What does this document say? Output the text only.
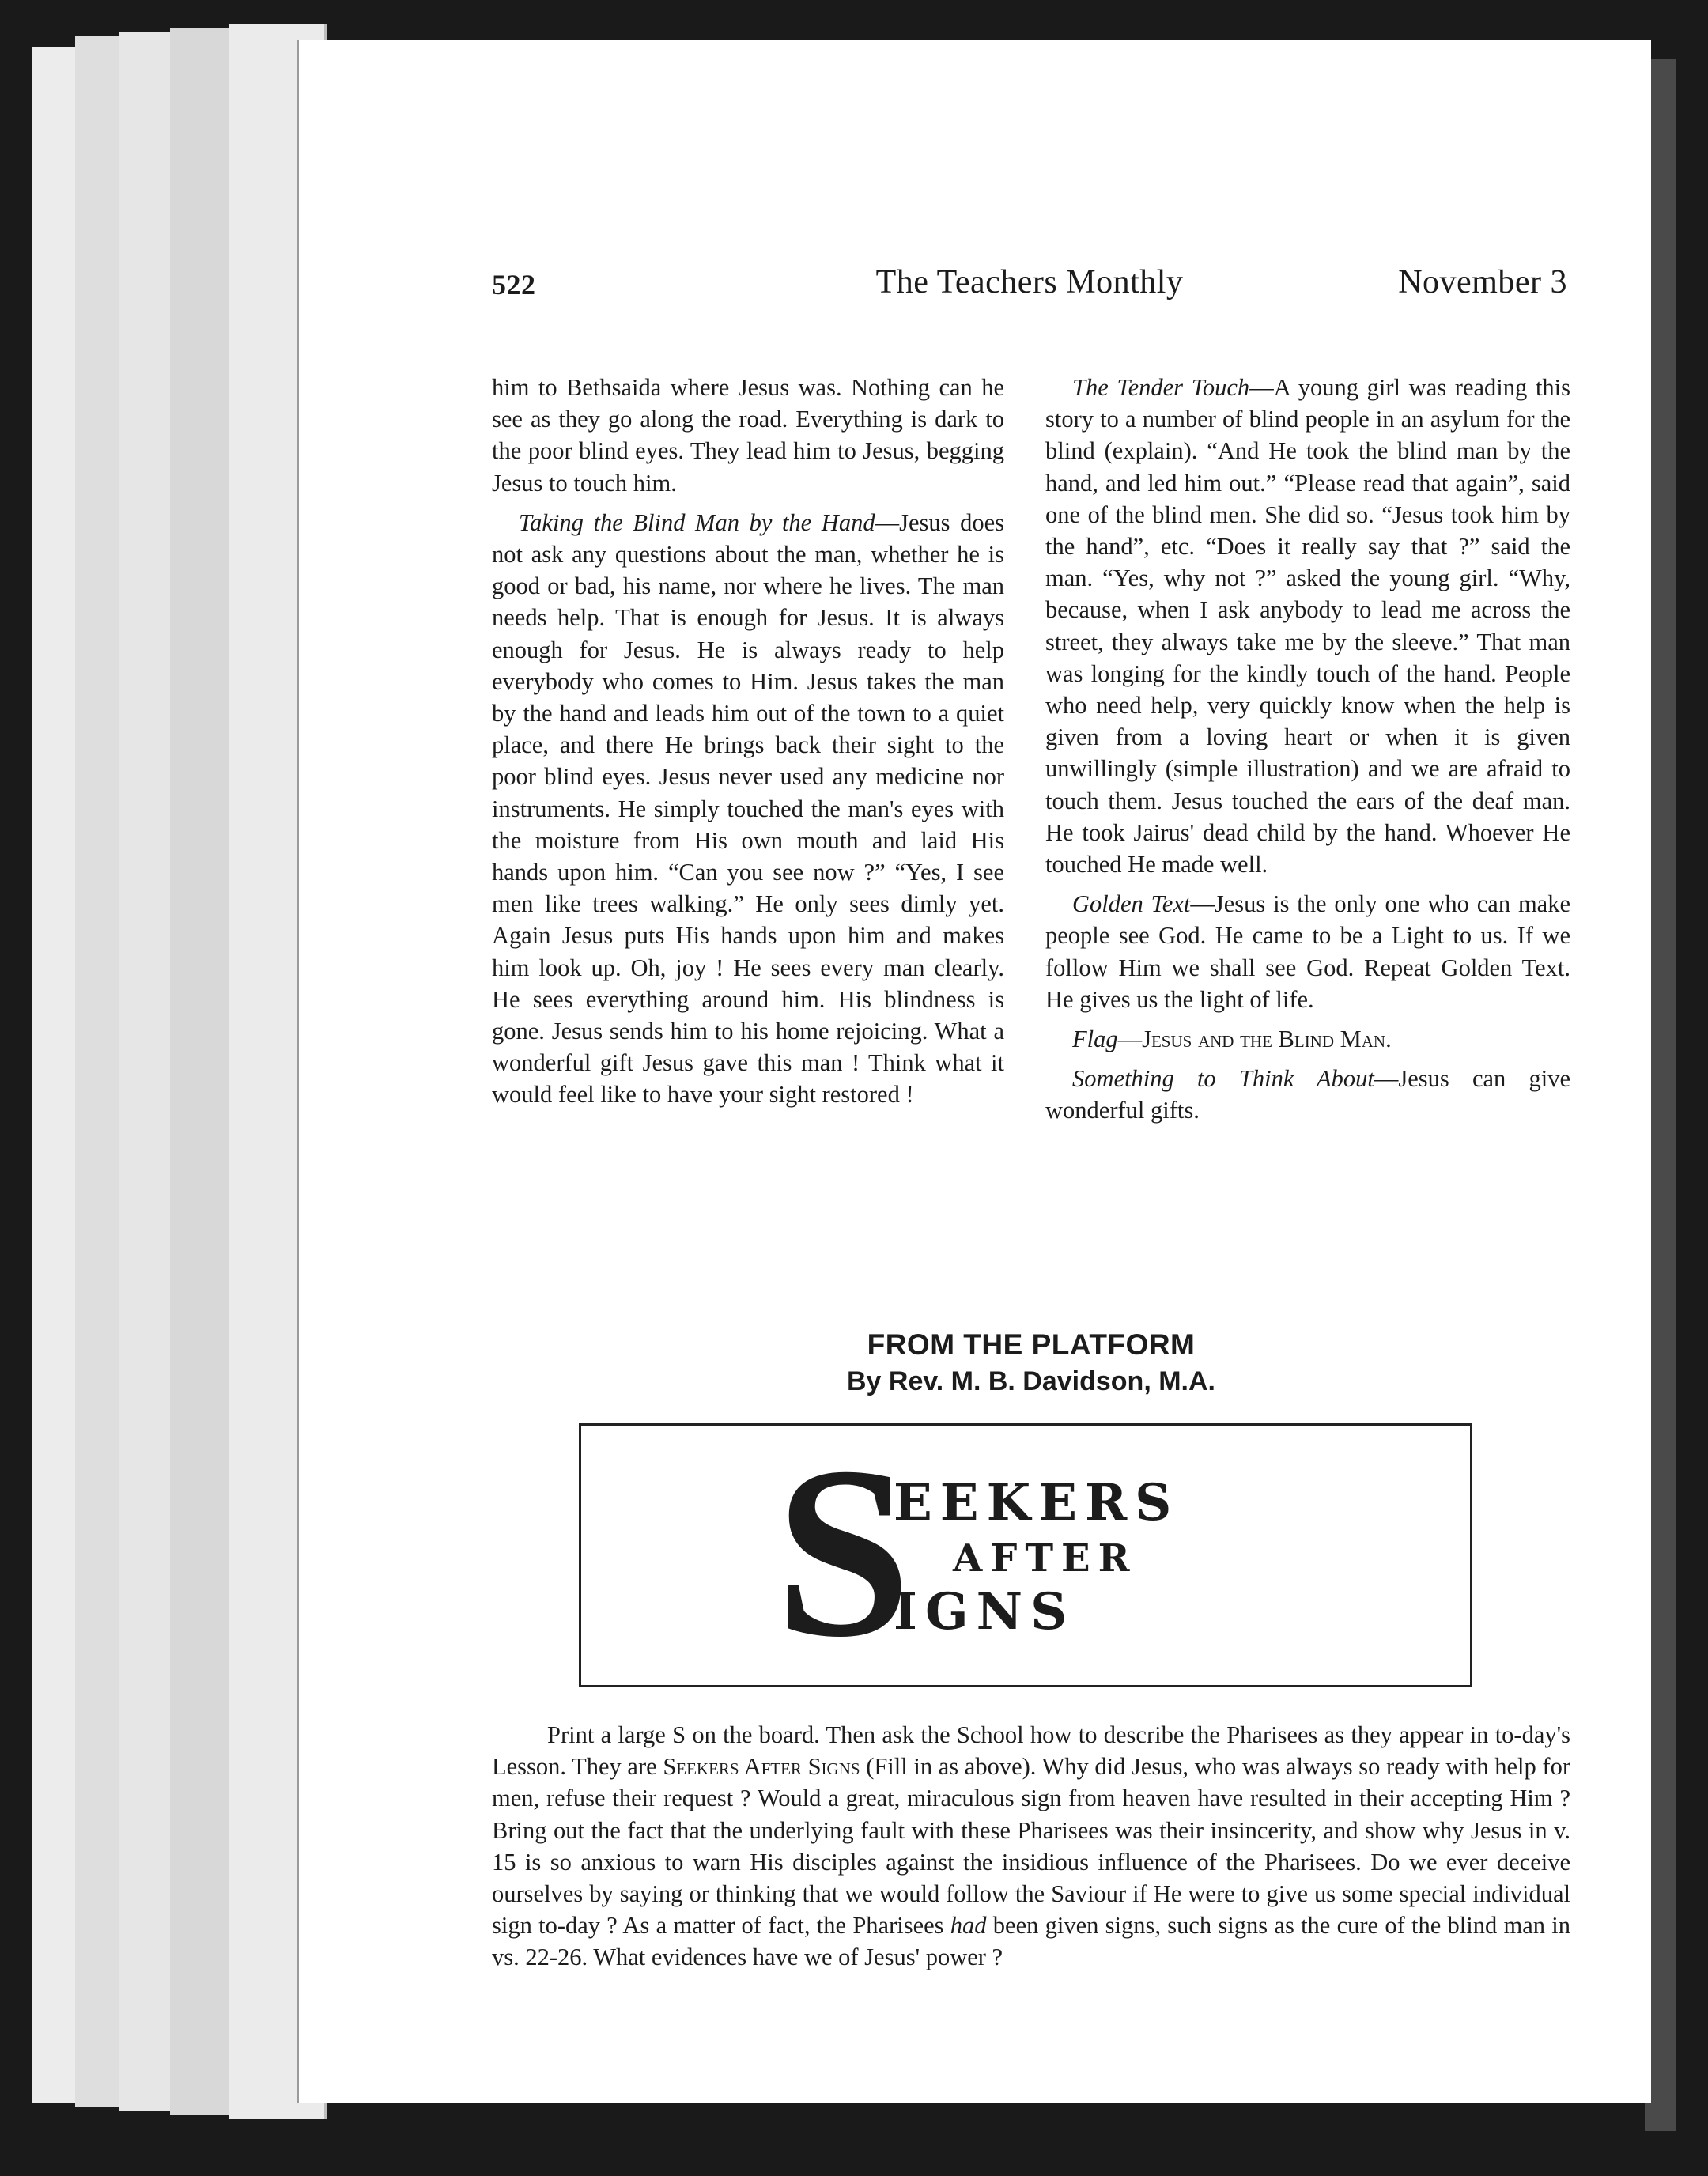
522	The Teachers Monthly	November 3

him to Bethsaida where Jesus was. Nothing can he see as they go along the road. Everything is dark to the poor blind eyes. They lead him to Jesus, begging Jesus to touch him.

Taking the Blind Man by the Hand—Jesus does not ask any questions about the man, whether he is good or bad, his name, nor where he lives. The man needs help. That is enough for Jesus. It is always enough for Jesus. He is always ready to help everybody who comes to Him. Jesus takes the man by the hand and leads him out of the town to a quiet place, and there He brings back their sight to the poor blind eyes. Jesus never used any medicine nor instruments. He simply touched the man's eyes with the moisture from His own mouth and laid His hands upon him. “Can you see now ?” “Yes, I see men like trees walking.” He only sees dimly yet. Again Jesus puts His hands upon him and makes him look up. Oh, joy ! He sees every man clearly. He sees everything around him. His blindness is gone. Jesus sends him to his home rejoicing. What a wonderful gift Jesus gave this man ! Think what it would feel like to have your sight restored !

The Tender Touch—A young girl was reading this story to a number of blind people in an asylum for the blind (explain). “And He took the blind man by the hand, and led him out.” “Please read that again”, said one of the blind men. She did so. “Jesus took him by the hand”, etc. “Does it really say that ?” said the man. “Yes, why not ?” asked the young girl. “Why, because, when I ask anybody to lead me across the street, they always take me by the sleeve.” That man was longing for the kindly touch of the hand. People who need help, very quickly know when the help is given from a loving heart or when it is given unwillingly (simple illustration) and we are afraid to touch them. Jesus touched the ears of the deaf man. He took Jairus' dead child by the hand. Whoever He touched He made well.

Golden Text—Jesus is the only one who can make people see God. He came to be a Light to us. If we follow Him we shall see God. Repeat Golden Text. He gives us the light of life.

Flag—Jesus and the Blind Man.

Something to Think About—Jesus can give wonderful gifts.

FROM THE PLATFORM
By Rev. M. B. Davidson, M.A.
S
EEKERS
AFTER
IGNS

Print a large S on the board. Then ask the School how to describe the Pharisees as they appear in to-day's Lesson. They are Seekers After Signs (Fill in as above). Why did Jesus, who was always so ready with help for men, refuse their request ? Would a great, miraculous sign from heaven have resulted in their accepting Him ? Bring out the fact that the underlying fault with these Pharisees was their insincerity, and show why Jesus in v. 15 is so anxious to warn His disciples against the insidious influence of the Pharisees. Do we ever deceive ourselves by saying or thinking that we would follow the Saviour if He were to give us some special individual sign to-day ? As a matter of fact, the Pharisees had been given signs, such signs as the cure of the blind man in vs. 22-26. What evidences have we of Jesus' power ?
